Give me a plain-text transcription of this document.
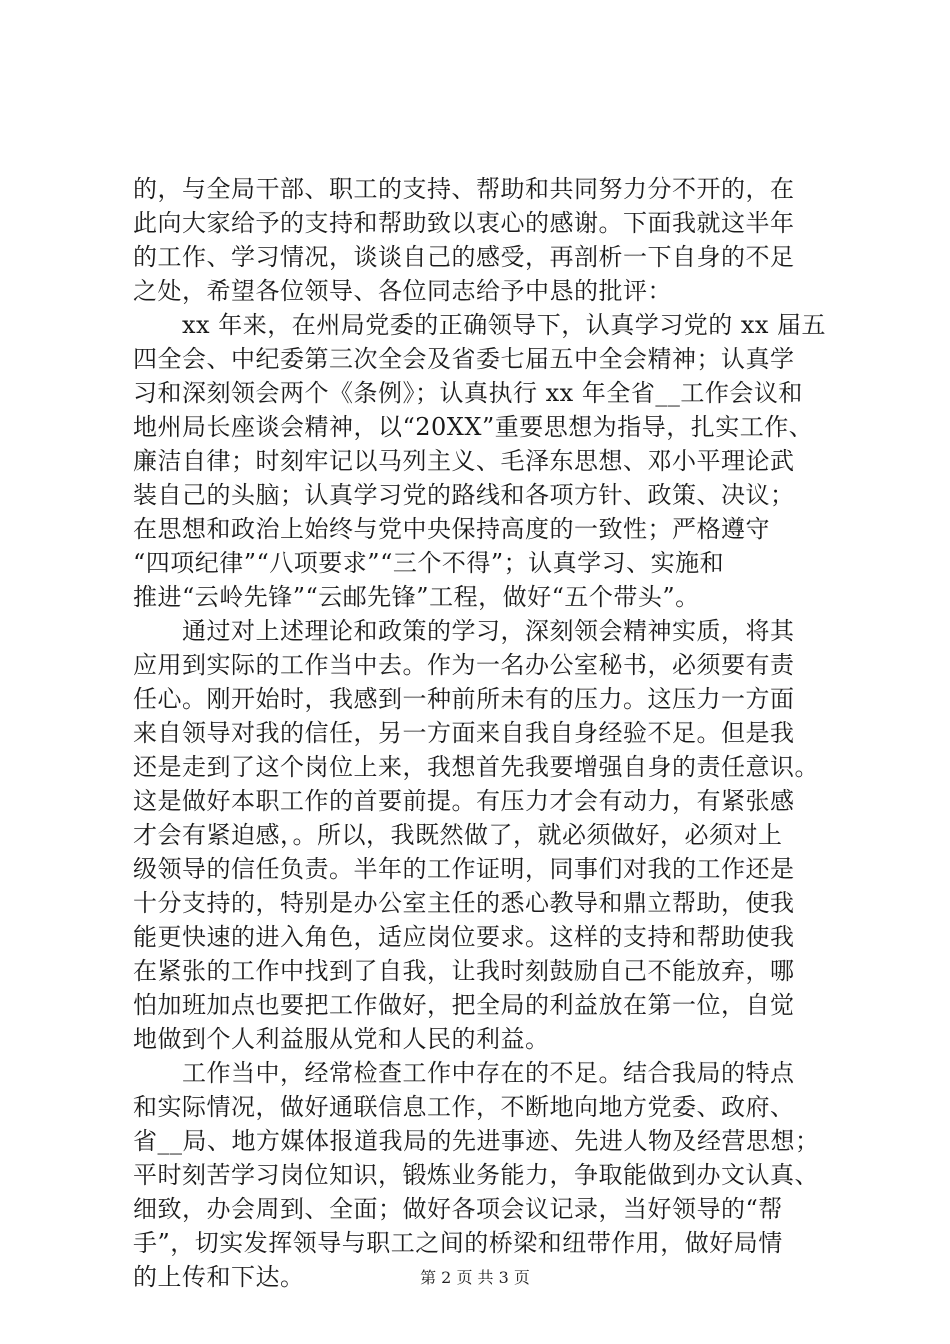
的，与全局干部、职工的支持、帮助和共同努力分不开的，在
此向大家给予的支持和帮助致以衷心的感谢。下面我就这半年
的工作、学习情况，谈谈自己的感受，再剖析一下自身的不足
之处，希望各位领导、各位同志给予中恳的批评：
　　xx 年来，在州局党委的正确领导下，认真学习党的 xx 届五
四全会、中纪委第三次全会及省委七届五中全会精神；认真学
习和深刻领会两个《条例》；认真执行 xx 年全省__工作会议和
地州局长座谈会精神，以“20XX”重要思想为指导，扎实工作、
廉洁自律；时刻牢记以马列主义、毛泽东思想、邓小平理论武
装自己的头脑；认真学习党的路线和各项方针、政策、决议；
在思想和政治上始终与党中央保持高度的一致性；严格遵守
“四项纪律”“八项要求”“三个不得”；认真学习、实施和
推进“云岭先锋”“云邮先锋”工程，做好“五个带头”。
　　通过对上述理论和政策的学习，深刻领会精神实质，将其
应用到实际的工作当中去。作为一名办公室秘书，必须要有责
任心。刚开始时，我感到一种前所未有的压力。这压力一方面
来自领导对我的信任，另一方面来自我自身经验不足。但是我
还是走到了这个岗位上来，我想首先我要增强自身的责任意识。
这是做好本职工作的首要前提。有压力才会有动力，有紧张感
才会有紧迫感，。所以，我既然做了，就必须做好，必须对上
级领导的信任负责。半年的工作证明，同事们对我的工作还是
十分支持的，特别是办公室主任的悉心教导和鼎立帮助，使我
能更快速的进入角色，适应岗位要求。这样的支持和帮助使我
在紧张的工作中找到了自我，让我时刻鼓励自己不能放弃，哪
怕加班加点也要把工作做好，把全局的利益放在第一位，自觉
地做到个人利益服从党和人民的利益。
　　工作当中，经常检查工作中存在的不足。结合我局的特点
和实际情况，做好通联信息工作，不断地向地方党委、政府、
省__局、地方媒体报道我局的先进事迹、先进人物及经营思想；
平时刻苦学习岗位知识，锻炼业务能力，争取能做到办文认真、
细致，办会周到、全面；做好各项会议记录，当好领导的“帮
手”，切实发挥领导与职工之间的桥梁和纽带作用，做好局情
的上传和下达。	第 2 页 共 3 页
